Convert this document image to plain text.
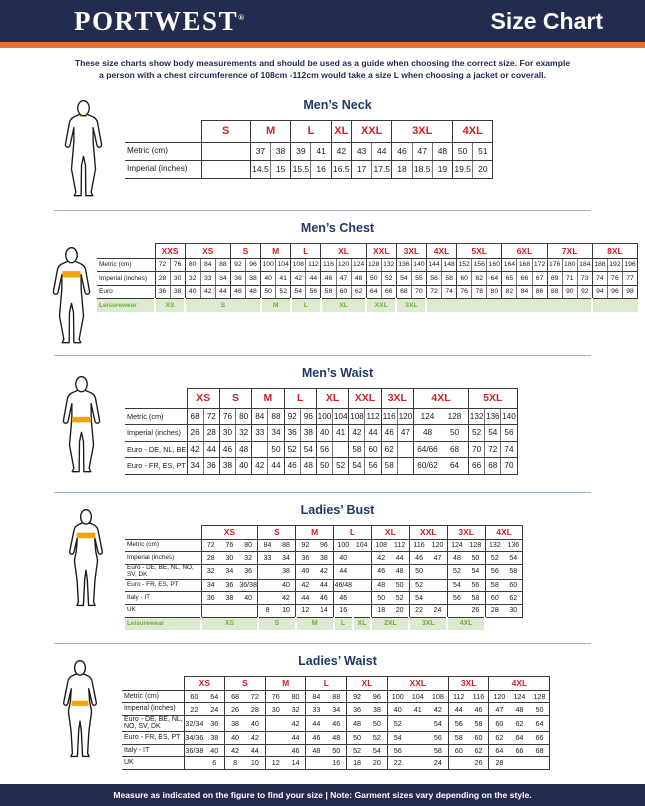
PORTWEST®	Size Chart

These size charts show body measurements and should be used as a guide when choosing the correct size. For example
a person with a chest circumference of 108cm -112cm would take a size L when choosing a jacket or coverall.

Men’s Neck
	S		M		L		XL	XXL		3XL			4XL	
Metric (cm)			37	38	39	41	42	43	44	46	47	48	50	51
Imperial (inches)			14.5	15	15.5	16	16.5	17	17.5	18	18.5	19	19.5	20
Men’s Chest
	XXS		XS			S		M		L		XL			XXL		3XL		4XL		5XL			6XL			7XL			8XL		
Metric (cm)	72	76	80	84	88	92	96	100	104	108	112	116	120	124	128	132	136	140	144	148	152	156	160	164	168	172	176	180	184	188	192	196
Imperial (inches)	28	30	32	33	34	36	38	40	41	42	44	46	47	48	50	52	54	55	56	58	60	62	64	65	66	67	69	71	73	74	76	77
Euro	36	38	40	42	44	46	48	50	52	54	56	58	60	62	64	66	68	70	72	74	76	78	80	82	84	86	88	90	92	94	96	98
Leisurewear	XS		S					M		L		XL			XXL		3XL															
Men’s Waist
	XS		S		M		L		XL		XXL		3XL		4XL		5XL		
Metric (cm)	68	72	76	80	84	88	92	96	100	104	108	112	116	120	124	128	132	136	140
Imperial (inches)	26	28	30	32	33	34	36	38	40	41	42	44	46	47	48	50	52	54	56
Euro - DE, NL, BE	42	44	46	48		50	52	54	56		58	60	62		64/66	68	70	72	74
Euro - FR, ES, PT	34	36	38	40	42	44	46	48	50	52	54	56	58		60/62	64	66	68	70
Ladies’ Bust
	XS			S		M		L		XL		XXL		3XL		4XL	
Metric (cm)	72	76	80	84	88	92	96	100	104	108	112	116	120	124	128	132	136
Imperial (inches)	28	30	32	33	34	36	38	40		42	44	46	47	48	50	52	54
Euro - DE, BE, NL, NO, SV, DK	32	34	36		38	40	42	44		46	48	50		52	54	56	58
Euro - FR, ES, PT	34	36	36/38		40	42	44	46/48		48	50	52		54	56	58	60
Italy - IT	36	38	40		42	44	46	46		50	52	54		56	58	60	62
UK				8	10	12	14	16		18	20	22	24		26	28	30
Leisurewear	XS			S		M		L	XL	2XL		3XL		4XL			
Ladies’ Waist
	XS		S		M		L		XL		XXL			3XL		4XL		
Metric (cm)	60	64	68	72	76	80	84	88	92	96	100	104	108	112	116	120	124	128
Imperial (inches)	22	24	26	28	30	32	33	34	36	38	40	41	42	44	46	47	48	50
Euro - DE, BE, NL, NO, SV, DK	32/34	36	38	40		42	44	46	48	50	52		54	56	58	60	62	64
Euro - FR, ES, PT	34/36	38	40	42		44	46	48	50	52	54		56	58	60	62	64	66
Italy - IT	36/38	40	42	44		46	48	50	52	54	56		58	60	62	64	66	68
UK		6	8	10	12	14		16	18	20	22		24		26	28		
Measure as indicated on the figure to find your size | Note: Garment sizes vary depending on the style.
